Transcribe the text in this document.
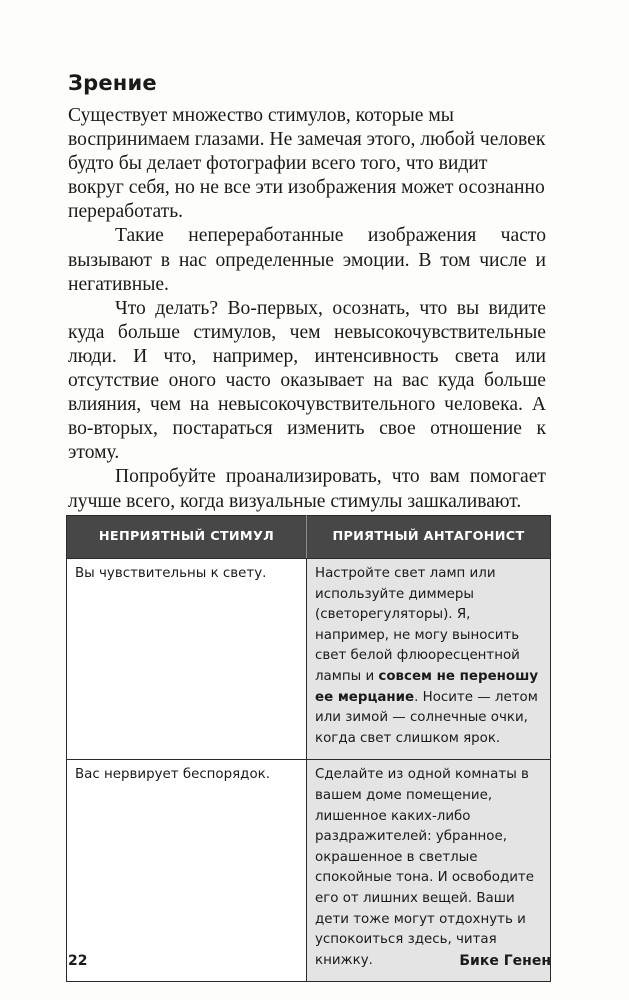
Зрение

Существует множество стимулов, которые мы воспринимаем глазами. Не замечая этого, любой человек будто бы делает фотографии всего того, что видит вокруг себя, но не все эти изображения может осознанно переработать.

Такие непереработанные изображения часто вызывают в нас определенные эмоции. В том числе и негативные.

Что делать? Во-первых, осознать, что вы видите куда больше стимулов, чем невысокочувствительные люди. И что, например, интенсивность света или отсутствие оного часто оказывает на вас куда больше влияния, чем на невысокочувствительного человека. А во-вторых, постараться изменить свое отношение к этому.

Попробуйте проанализировать, что вам помогает лучше всего, когда визуальные стимулы зашкаливают.

НЕПРИЯТНЫЙ СТИМУЛ	ПРИЯТНЫЙ АНТАГОНИСТ
Вы чувствительны к свету.	Настройте свет ламп или используйте диммеры (светорегуляторы). Я, например, не могу выносить свет белой флюоресцентной лампы и совсем не переношу ее мерцание. Носите — летом или зимой — солнечные очки, когда свет слишком ярок.
Вас нервирует беспорядок.	Сделайте из одной комнаты в вашем доме помещение, лишенное каких-либо раздражителей: убранное, окрашенное в светлые спокойные тона. И освободите его от лишних вещей. Ваши дети тоже могут отдохнуть и успокоиться здесь, читая книжку.
22	Бике Генен
